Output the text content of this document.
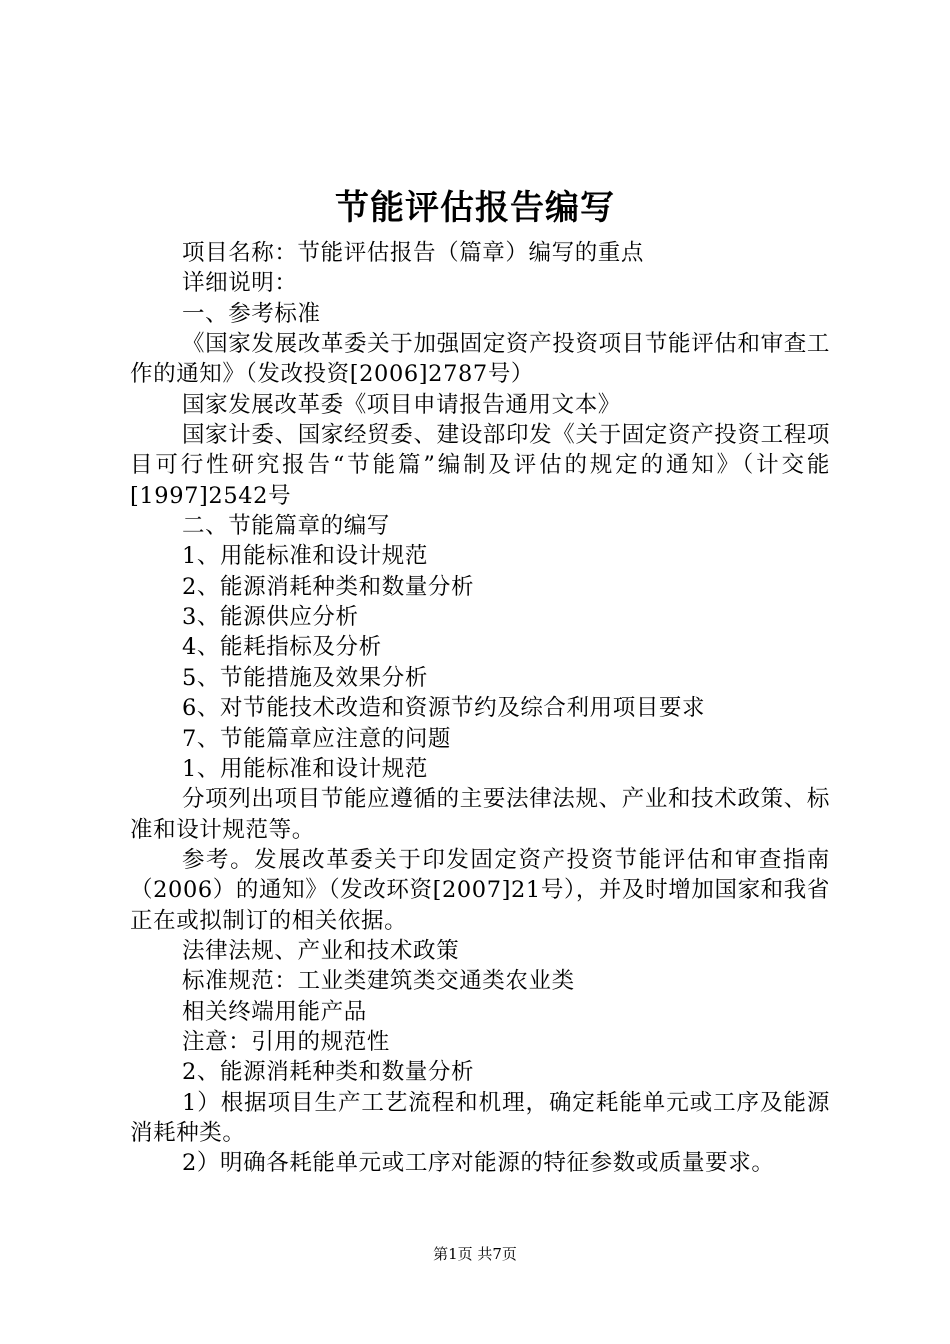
节能评估报告编写

项目名称：节能评估报告（篇章）编写的重点

详细说明：

一、参考标准

《国家发展改革委关于加强固定资产投资项目节能评估和审查工作的通知》（发改投资[2006]2787号）

国家发展改革委《项目申请报告通用文本》

国家计委、国家经贸委、建设部印发《关于固定资产投资工程项目可行性研究报告“节能篇”编制及评估的规定的通知》（计交能[1997]2542号

二、节能篇章的编写

1、用能标准和设计规范

2、能源消耗种类和数量分析

3、能源供应分析

4、能耗指标及分析

5、节能措施及效果分析

6、对节能技术改造和资源节约及综合利用项目要求

7、节能篇章应注意的问题

1、用能标准和设计规范

分项列出项目节能应遵循的主要法律法规、产业和技术政策、标准和设计规范等。

参考。发展改革委关于印发固定资产投资节能评估和审查指南（2006）的通知》（发改环资[2007]21号），并及时增加国家和我省正在或拟制订的相关依据。

法律法规、产业和技术政策

标准规范：工业类建筑类交通类农业类

相关终端用能产品

注意：引用的规范性

2、能源消耗种类和数量分析

1）根据项目生产工艺流程和机理，确定耗能单元或工序及能源消耗种类。

2）明确各耗能单元或工序对能源的特征参数或质量要求。

第1页 共7页
